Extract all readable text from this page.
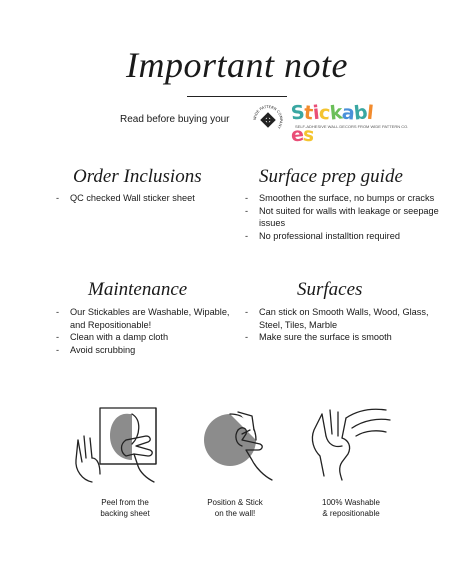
Important note
Read before buying your	WIDE PATTERN COMPANY
Stickables
SELF-ADHESIVE WALL DECORS FROM WIDE PATTERN CO.
Order Inclusions
- QC checked Wall sticker sheet
Surface prep guide
- Smoothen the surface, no bumps or cracks
- Not suited for walls with leakage or seepage issues
- No professional installtion required
Maintenance
- Our Stickables are Washable, Wipable, and Repositionable!
- Clean with a damp cloth
- Avoid scrubbing
Surfaces
- Can stick on Smooth Walls, Wood, Glass, Steel, Tiles, Marble
- Make sure the surface is smooth
Peel from the
backing sheet
Position & Stick
on the wall!
100% Washable
& repositionable
